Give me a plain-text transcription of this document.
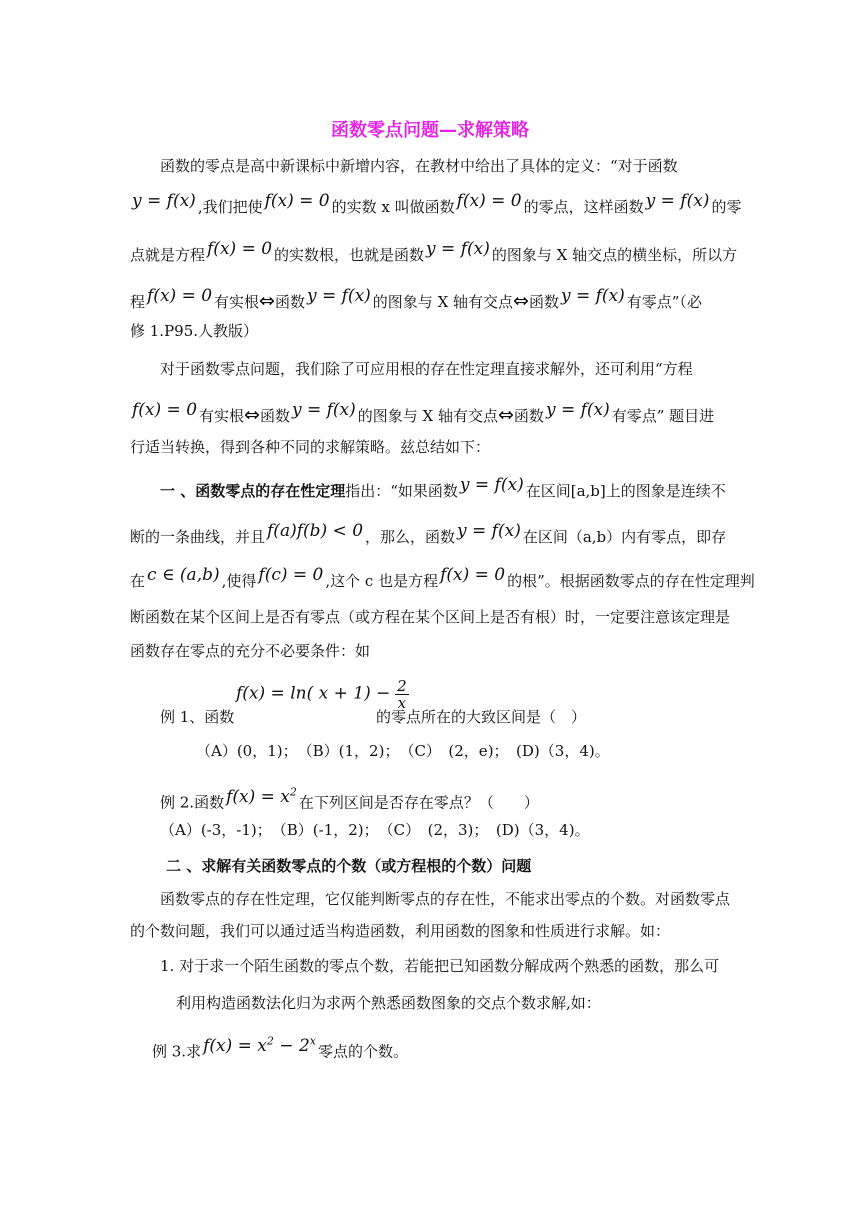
函数零点问题—求解策略
函数的零点是高中新课标中新增内容，在教材中给出了具体的定义：“对于函数
y = f(x) ,我们把使 f(x) = 0 的实数 x 叫做函数 f(x) = 0 的零点，这样函数 y = f(x) 的零
点就是方程 f(x) = 0 的实数根，也就是函数 y = f(x) 的图象与 X 轴交点的横坐标，所以方
程 f(x) = 0 有实根⇔函数 y = f(x) 的图象与 X 轴有交点⇔函数 y = f(x) 有零点”（必
修 1.P95.人教版）
对于函数零点问题，我们除了可应用根的存在性定理直接求解外，还可利用“方程
f(x) = 0 有实根⇔函数 y = f(x) 的图象与 X 轴有交点⇔函数 y = f(x) 有零点” 题目进
行适当转换，得到各种不同的求解策略。兹总结如下：
一 、函数零点的存在性定理指出：“如果函数 y = f(x) 在区间[a,b]上的图象是连续不
断的一条曲线，并且 f(a)f(b) < 0 ，那么，函数 y = f(x) 在区间（a,b）内有零点，即存
在 c ∈ (a,b) ,使得 f(c) = 0 ,这个 c 也是方程 f(x) = 0 的根”。根据函数零点的存在性定理判
断函数在某个区间上是否有零点（或方程在某个区间上是否有根）时，一定要注意该定理是
函数存在零点的充分不必要条件：如
例 1、函数
f(x) = ln( $x + 1) - \frac{2}{x}$
的零点所在的大致区间是（　）
（A）(0，1)；　（B）(1，2)；　（C）　(2，e)；　(D)（3，4)。
例 2.函数 $f(x) = x^2$在下列区间是否存在零点？（　　）
（A）(-3，-1)；　（B）(-1，2)；　（C）　(2，3)；　(D)（3，4)。
二 、求解有关函数零点的个数（或方程根的个数）问题
函数零点的存在性定理，它仅能判断零点的存在性，不能求出零点的个数。对函数零点
的个数问题，我们可以通过适当构造函数，利用函数的图象和性质进行求解。如：
1. 对于求一个陌生函数的零点个数，若能把已知函数分解成两个熟悉的函数，那么可
利用构造函数法化归为求两个熟悉函数图象的交点个数求解,如：
例 3.求 $f(x) = x^2 - 2^x$零点的个数。
